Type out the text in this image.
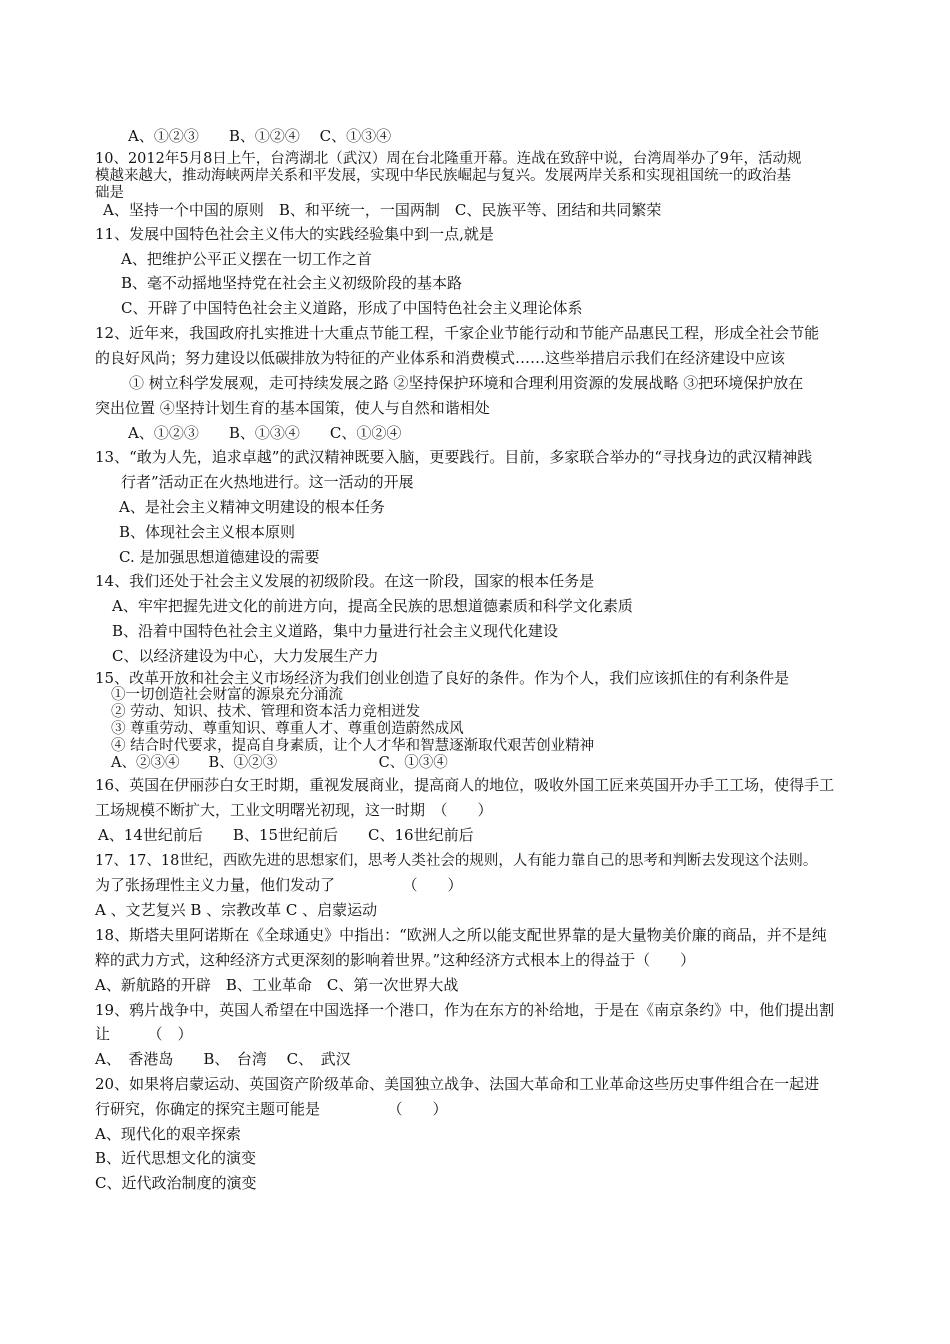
A、①②③　　B、①②④　 C、①③④
10、2012年5月8日上午，台湾湖北（武汉）周在台北隆重开幕。连战在致辞中说，台湾周举办了9年，活动规
模越来越大，推动海峡两岸关系和平发展，实现中华民族崛起与复兴。发展两岸关系和实现祖国统一的政治基
础是
A、坚持一个中国的原则　B、和平统一，一国两制　C、民族平等、团结和共同繁荣
11、发展中国特色社会主义伟大的实践经验集中到一点,就是
A、把维护公平正义摆在一切工作之首
B、毫不动摇地坚持党在社会主义初级阶段的基本路
C、开辟了中国特色社会主义道路，形成了中国特色社会主义理论体系
12、近年来，我国政府扎实推进十大重点节能工程，千家企业节能行动和节能产品惠民工程，形成全社会节能
的良好风尚；努力建设以低碳排放为特征的产业体系和消费模式……这些举措启示我们在经济建设中应该
① 树立科学发展观，走可持续发展之路 ②坚持保护环境和合理利用资源的发展战略 ③把环境保护放在
突出位置 ④坚持计划生育的基本国策，使人与自然和谐相处
A、①②③　　B、①③④　　C、①②④
13、“敢为人先，追求卓越”的武汉精神既要入脑，更要践行。目前，多家联合举办的“寻找身边的武汉精神践
行者”活动正在火热地进行。这一活动的开展
A、是社会主义精神文明建设的根本任务
B、体现社会主义根本原则
C. 是加强思想道德建设的需要
14、我们还处于社会主义发展的初级阶段。在这一阶段，国家的根本任务是
A、牢牢把握先进文化的前进方向，提高全民族的思想道德素质和科学文化素质
B、沿着中国特色社会主义道路，集中力量进行社会主义现代化建设
C、以经济建设为中心，大力发展生产力
15、改革开放和社会主义市场经济为我们创业创造了良好的条件。作为个人，我们应该抓住的有利条件是
①一切创造社会财富的源泉充分涌流
② 劳动、知识、技术、管理和资本活力竞相迸发
③ 尊重劳动、尊重知识、尊重人才、尊重创造蔚然成风
④ 结合时代要求，提高自身素质，让个人才华和智慧逐渐取代艰苦创业精神
A、②③④　　B、①②③　　　　　　　C、①③④
16、英国在伊丽莎白女王时期，重视发展商业，提高商人的地位，吸收外国工匠来英国开办手工工场，使得手工
工场规模不断扩大，工业文明曙光初现，这一时期　（　　）
A、14世纪前后　　B、15世纪前后　　C、16世纪前后
17、17、18世纪，西欧先进的思想家们，思考人类社会的规则，人有能力靠自己的思考和判断去发现这个法则。
为了张扬理性主义力量，他们发动了　　　　　（　　）
A 、文艺复兴 B 、宗教改革 C 、启蒙运动
18、斯塔夫里阿诺斯在《全球通史》中指出：“欧洲人之所以能支配世界靠的是大量物美价廉的商品，并不是纯
粹的武力方式，这种经济方式更深刻的影响着世界。”这种经济方式根本上的得益于（　　）
A、新航路的开辟　B、工业革命　C、第一次世界大战
19、鸦片战争中，英国人希望在中国选择一个港口，作为在东方的补给地，于是在《南京条约》中，他们提出割
让　　　（　）
A、　香港岛　　B、　台湾　 C、　武汉
20、如果将启蒙运动、英国资产阶级革命、美国独立战争、法国大革命和工业革命这些历史事件组合在一起进
行研究，你确定的探究主题可能是　　　　　（　　）
A、现代化的艰辛探索
B、近代思想文化的演变
C、近代政治制度的演变
